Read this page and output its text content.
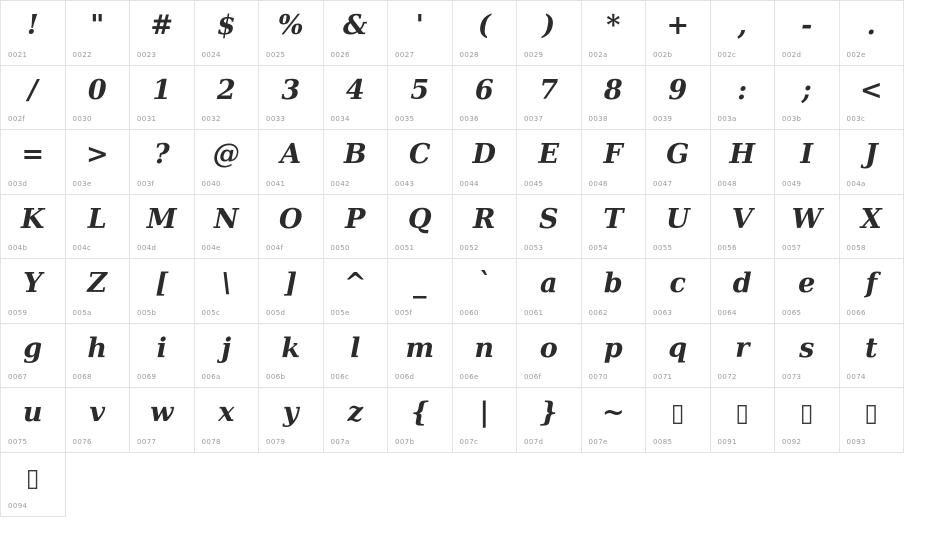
!
0021
"
0022
#
0023
$
0024
%
0025
&
0026
'
0027
(
0028
)
0029
*
002a
+
002b
,
002c
-
002d
.
002e
/
002f
0
0030
1
0031
2
0032
3
0033
4
0034
5
0035
6
0036
7
0037
8
0038
9
0039
:
003a
;
003b
<
003c
=
003d
>
003e
?
003f
@
0040
A
0041
B
0042
C
0043
D
0044
E
0045
F
0046
G
0047
H
0048
I
0049
J
004a
K
004b
L
004c
M
004d
N
004e
O
004f
P
0050
Q
0051
R
0052
S
0053
T
0054
U
0055
V
0056
W
0057
X
0058
Y
0059
Z
005a
[
005b
\
005c
]
005d
^
005e
_
005f
`
0060
a
0061
b
0062
c
0063
d
0064
e
0065
f
0066
g
0067
h
0068
i
0069
j
006a
k
006b
l
006c
m
006d
n
006e
o
006f
p
0070
q
0071
r
0072
s
0073
t
0074
u
0075
v
0076
w
0077
x
0078
y
0079
z
007a
{
007b
|
007c
}
007d
~
007e
▯
0085
▯
0091
▯
0092
▯
0093
▯
0094
